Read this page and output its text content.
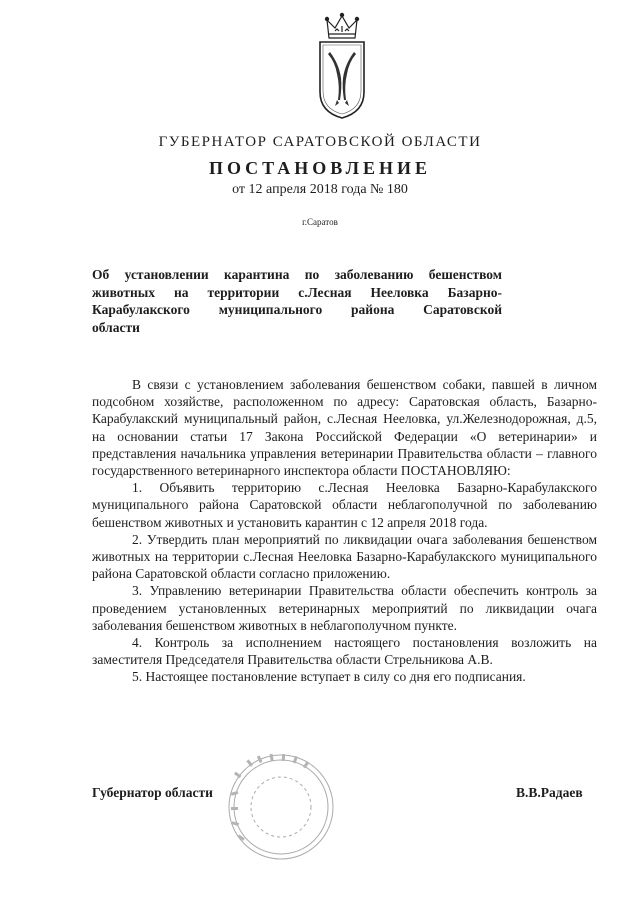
ГУБЕРНАТОР САРАТОВСКОЙ ОБЛАСТИ
ПОСТАНОВЛЕНИЕ
от 12 апреля 2018 года № 180
г.Саратов
Об установлении карантина по заболеванию бешенством
животных на территории с.Лесная Нееловка Базарно-
Карабулакского муниципального района Саратовской
области

В связи с установлением заболевания бешенством собаки, павшей в личном подсобном хозяйстве, расположенном по адресу: Саратовская область, Базарно-Карабулакский муниципальный район, с.Лесная Нееловка, ул.Железнодорожная, д.5, на основании статьи 17 Закона Российской Федерации «О ветеринарии» и представления начальника управления ветеринарии Правительства области – главного государственного ветеринарного инспектора области ПОСТАНОВЛЯЮ:

1. Объявить территорию с.Лесная Нееловка Базарно-Карабулакского муниципального района Саратовской области неблагополучной по заболеванию бешенством животных и установить карантин с 12 апреля 2018 года.

2. Утвердить план мероприятий по ликвидации очага заболевания бешенством животных на территории с.Лесная Нееловка Базарно-Карабулакского муниципального района Саратовской области согласно приложению.

3. Управлению ветеринарии Правительства области обеспечить контроль за проведением установленных ветеринарных мероприятий по ликвидации очага заболевания бешенством животных в неблагополучном пункте.

4. Контроль за исполнением настоящего постановления возложить на заместителя Председателя Правительства области Стрельникова А.В.

5. Настоящее постановление вступает в силу со дня его подписания.

Губернатор области	В.В.Радаев
